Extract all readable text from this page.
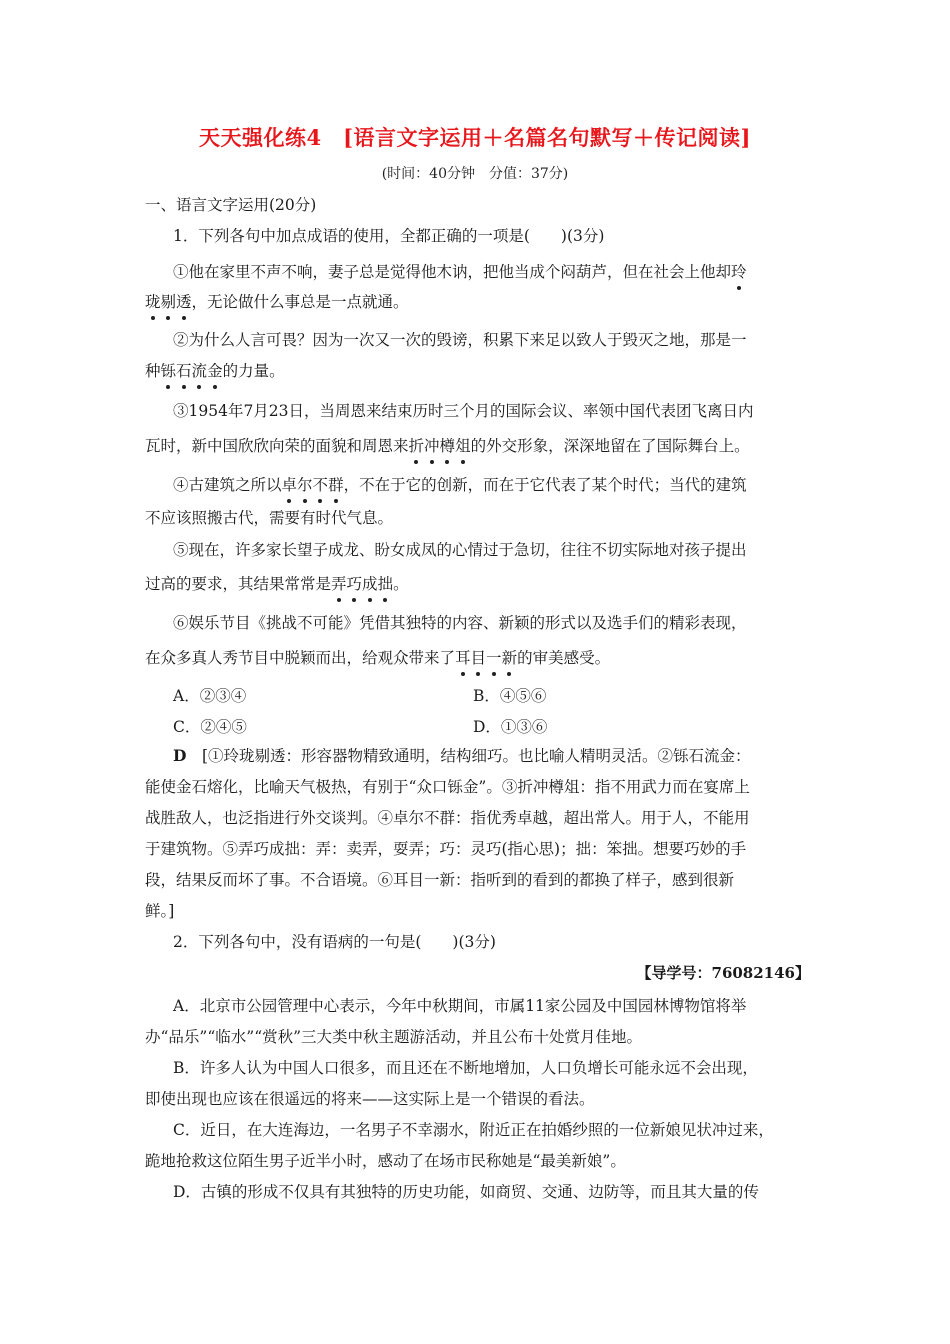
天天强化练4　[语言文字运用＋名篇名句默写＋传记阅读]
(时间：40分钟　分值：37分)
一、语言文字运用(20分)
1．下列各句中加点成语的使用，全都正确的一项是(　　)(3分)
①他在家里不声不响，妻子总是觉得他木讷，把他当成个闷葫芦，但在社会上他却玲
珑剔透，无论做什么事总是一点就通。
②为什么人言可畏？因为一次又一次的毁谤，积累下来足以致人于毁灭之地，那是一
种铄石流金的力量。
③1954年7月23日，当周恩来结束历时三个月的国际会议、率领中国代表团飞离日内
瓦时，新中国欣欣向荣的面貌和周恩来折冲樽俎的外交形象，深深地留在了国际舞台上。
④古建筑之所以卓尔不群，不在于它的创新，而在于它代表了某个时代；当代的建筑
不应该照搬古代，需要有时代气息。
⑤现在，许多家长望子成龙、盼女成凤的心情过于急切，往往不切实际地对孩子提出
过高的要求，其结果常常是弄巧成拙。
⑥娱乐节目《挑战不可能》凭借其独特的内容、新颖的形式以及选手们的精彩表现，
在众多真人秀节目中脱颖而出，给观众带来了耳目一新的审美感受。
A．②③④	B．④⑤⑥
C．②④⑤	D．①③⑥
D　 [①玲珑剔透：形容器物精致通明，结构细巧。也比喻人精明灵活。②铄石流金：
能使金石熔化，比喻天气极热，有别于“众口铄金”。③折冲樽俎：指不用武力而在宴席上
战胜敌人，也泛指进行外交谈判。④卓尔不群：指优秀卓越，超出常人。用于人，不能用
于建筑物。⑤弄巧成拙：弄：卖弄，耍弄；巧：灵巧(指心思)；拙：笨拙。想要巧妙的手
段，结果反而坏了事。不合语境。⑥耳目一新：指听到的看到的都换了样子，感到很新
鲜。]
2．下列各句中，没有语病的一句是(　　)(3分)
【导学号：76082146】
A．北京市公园管理中心表示，今年中秋期间，市属11家公园及中国园林博物馆将举
办“品乐”“临水”“赏秋”三大类中秋主题游活动，并且公布十处赏月佳地。
B．许多人认为中国人口很多，而且还在不断地增加，人口负增长可能永远不会出现，
即使出现也应该在很遥远的将来——这实际上是一个错误的看法。
C．近日，在大连海边，一名男子不幸溺水，附近正在拍婚纱照的一位新娘见状冲过来，
跪地抢救这位陌生男子近半小时，感动了在场市民称她是“最美新娘”。
D．古镇的形成不仅具有其独特的历史功能，如商贸、交通、边防等，而且其大量的传
